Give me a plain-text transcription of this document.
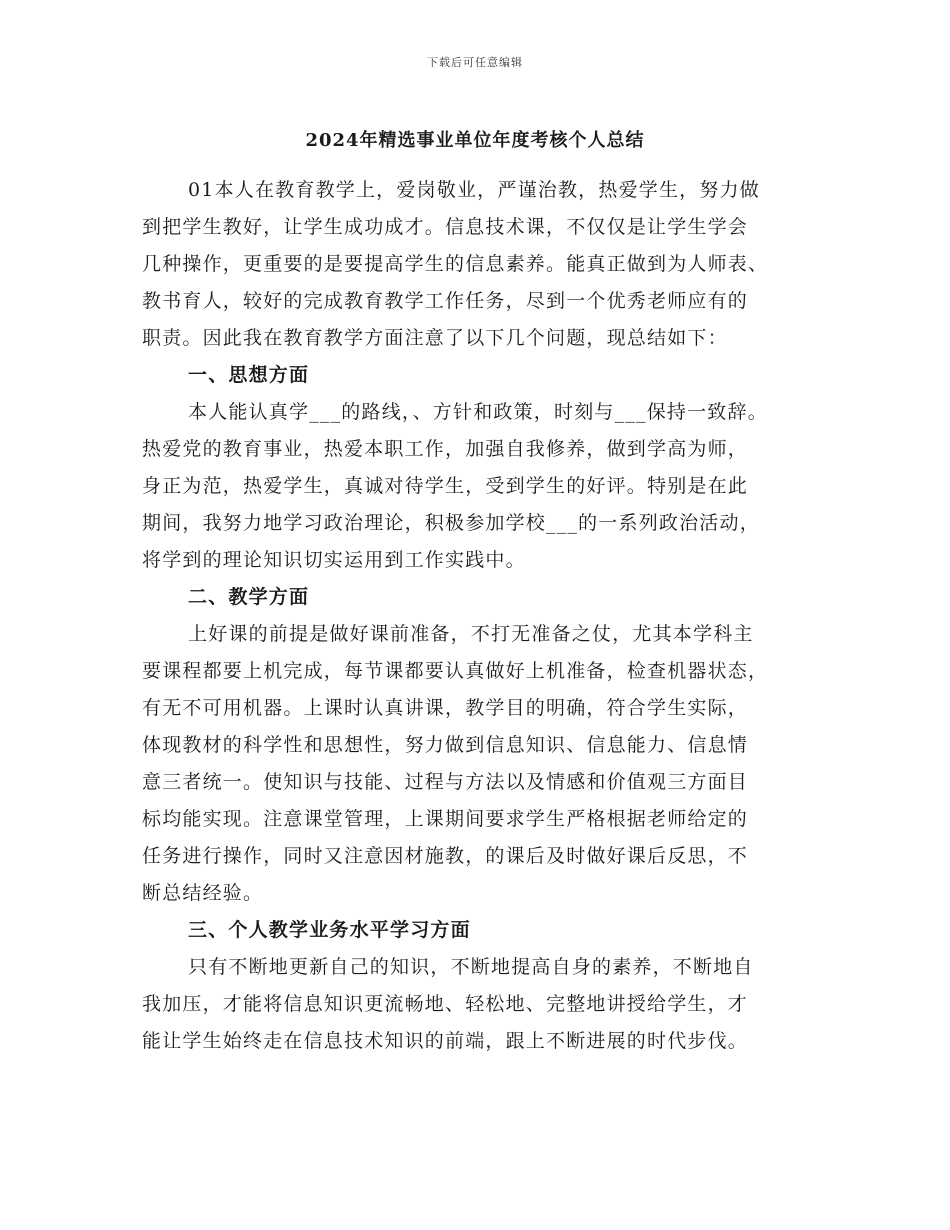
下载后可任意编辑
2024年精选事业单位年度考核个人总结
01本人在教育教学上，爱岗敬业，严谨治教，热爱学生，努力做
到把学生教好，让学生成功成才。信息技术课，不仅仅是让学生学会
几种操作，更重要的是要提高学生的信息素养。能真正做到为人师表、
教书育人，较好的完成教育教学工作任务，尽到一个优秀老师应有的
职责。因此我在教育教学方面注意了以下几个问题，现总结如下：
一、思想方面
本人能认真学___的路线，、方针和政策，时刻与___保持一致辞。
热爱党的教育事业，热爱本职工作，加强自我修养，做到学高为师，
身正为范，热爱学生，真诚对待学生，受到学生的好评。特别是在此
期间，我努力地学习政治理论，积极参加学校___的一系列政治活动，
将学到的理论知识切实运用到工作实践中。
二、教学方面
上好课的前提是做好课前准备，不打无准备之仗，尤其本学科主
要课程都要上机完成，每节课都要认真做好上机准备，检查机器状态，
有无不可用机器。上课时认真讲课，教学目的明确，符合学生实际，
体现教材的科学性和思想性，努力做到信息知识、信息能力、信息情
意三者统一。使知识与技能、过程与方法以及情感和价值观三方面目
标均能实现。注意课堂管理，上课期间要求学生严格根据老师给定的
任务进行操作，同时又注意因材施教，的课后及时做好课后反思，不
断总结经验。
三、个人教学业务水平学习方面
只有不断地更新自己的知识，不断地提高自身的素养，不断地自
我加压，才能将信息知识更流畅地、轻松地、完整地讲授给学生，才
能让学生始终走在信息技术知识的前端，跟上不断进展的时代步伐。
